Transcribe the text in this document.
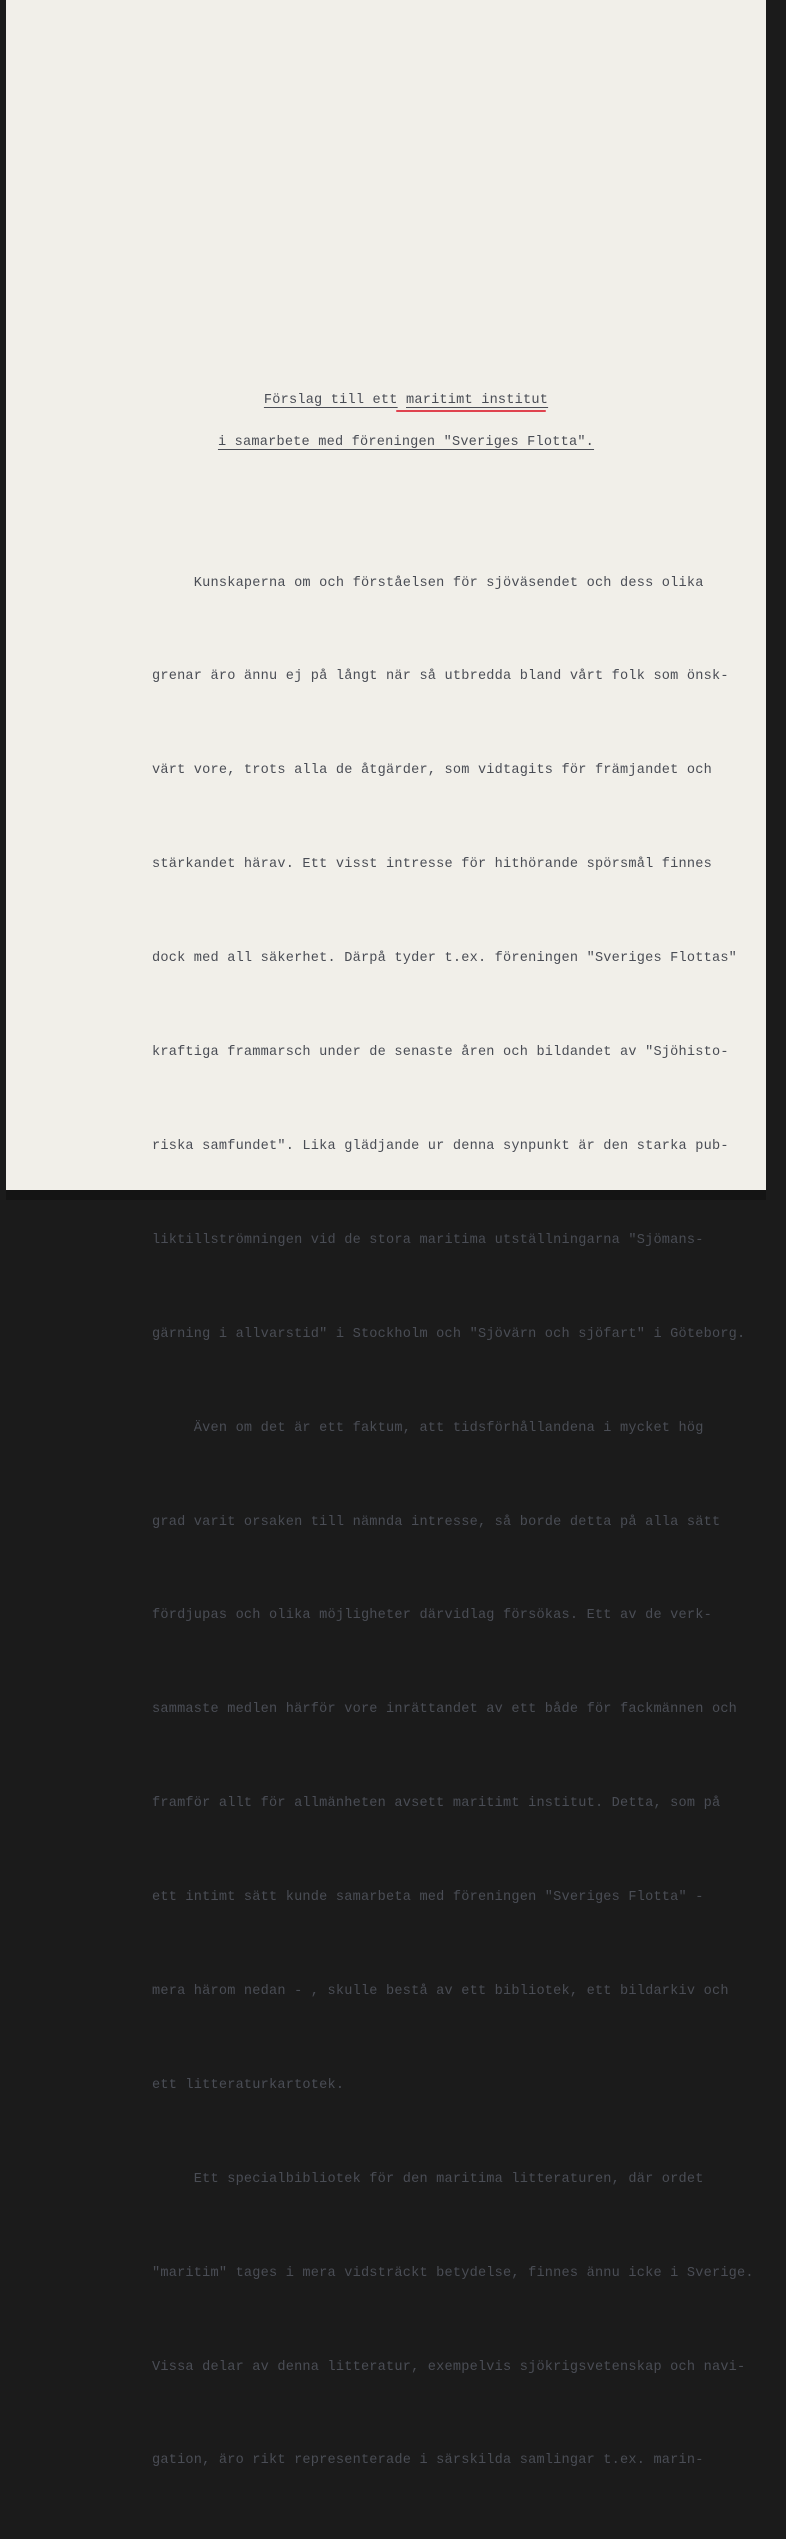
Förslag till ett maritimt institut

i samarbete med föreningen "Sveriges Flotta".

Kunskaperna om och förståelsen för sjöväsendet och dess olika

grenar äro ännu ej på långt när så utbredda bland vårt folk som önsk-

värt vore, trots alla de åtgärder, som vidtagits för främjandet och

stärkandet härav. Ett visst intresse för hithörande spörsmål finnes

dock med all säkerhet. Därpå tyder t.ex. föreningen "Sveriges Flottas"

kraftiga frammarsch under de senaste åren och bildandet av "Sjöhisto-

riska samfundet". Lika glädjande ur denna synpunkt är den starka pub-

liktillströmningen vid de stora maritima utställningarna "Sjömans-

gärning i allvarstid" i Stockholm och "Sjövärn och sjöfart" i Göteborg.

Även om det är ett faktum, att tidsförhållandena i mycket hög

grad varit orsaken till nämnda intresse, så borde detta på alla sätt

fördjupas och olika möjligheter därvidlag försökas. Ett av de verk-

sammaste medlen härför vore inrättandet av ett både för fackmännen och

framför allt för allmänheten avsett maritimt institut. Detta, som på

ett intimt sätt kunde samarbeta med föreningen "Sveriges Flotta" -

mera härom nedan - , skulle bestå av ett bibliotek, ett bildarkiv och

ett litteraturkartotek.

Ett specialbibliotek för den maritima litteraturen, där ordet

"maritim" tages i mera vidsträckt betydelse, finnes ännu icke i Sverige.

Vissa delar av denna litteratur, exempelvis sjökrigsvetenskap och navi-

gation, äro rikt representerade i särskilda samlingar t.ex. marin-
